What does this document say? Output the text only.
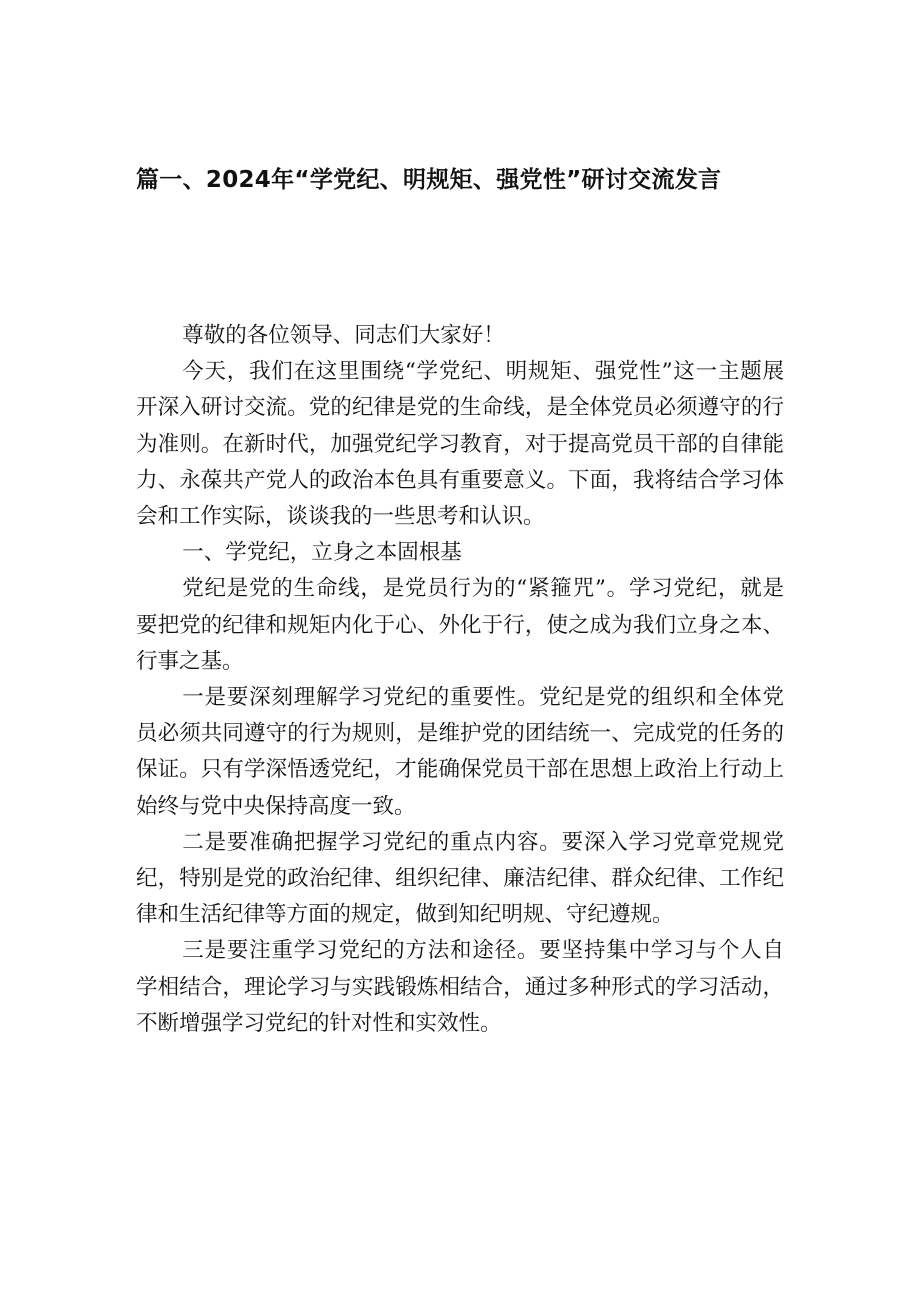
篇一、2024年“学党纪、明规矩、强党性”研讨交流发言

尊敬的各位领导、同志们大家好！

今天，我们在这里围绕“学党纪、明规矩、强党性”这一主题展开深入研讨交流。党的纪律是党的生命线，是全体党员必须遵守的行为准则。在新时代，加强党纪学习教育，对于提高党员干部的自律能力、永葆共产党人的政治本色具有重要意义。下面，我将结合学习体会和工作实际，谈谈我的一些思考和认识。

一、学党纪，立身之本固根基

党纪是党的生命线，是党员行为的“紧箍咒”。学习党纪，就是要把党的纪律和规矩内化于心、外化于行，使之成为我们立身之本、行事之基。

一是要深刻理解学习党纪的重要性。党纪是党的组织和全体党员必须共同遵守的行为规则，是维护党的团结统一、完成党的任务的保证。只有学深悟透党纪，才能确保党员干部在思想上政治上行动上始终与党中央保持高度一致。

二是要准确把握学习党纪的重点内容。要深入学习党章党规党纪，特别是党的政治纪律、组织纪律、廉洁纪律、群众纪律、工作纪律和生活纪律等方面的规定，做到知纪明规、守纪遵规。

三是要注重学习党纪的方法和途径。要坚持集中学习与个人自学相结合，理论学习与实践锻炼相结合，通过多种形式的学习活动，不断增强学习党纪的针对性和实效性。
